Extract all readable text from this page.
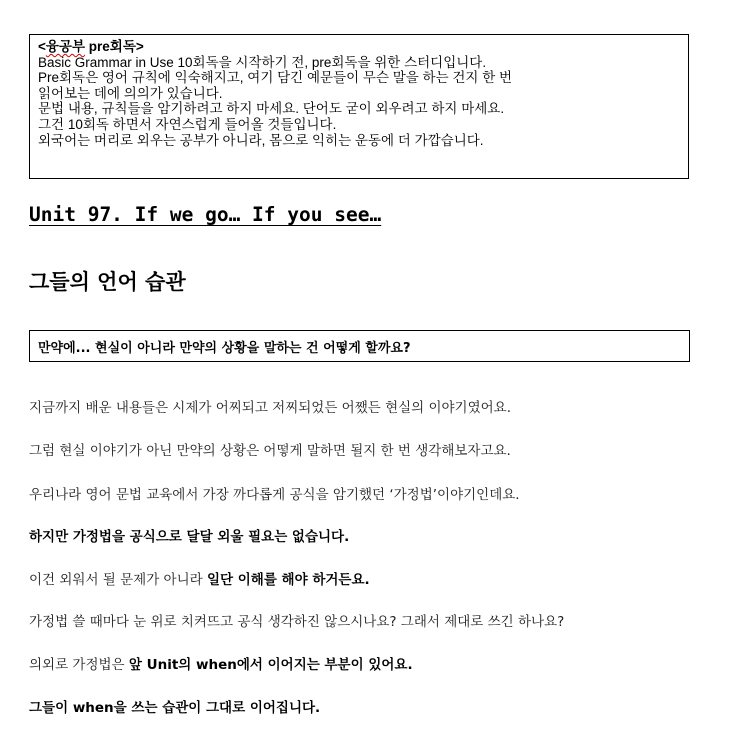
<융공부 pre회독>
Basic Grammar in Use 10회독을 시작하기 전, pre회독을 위한 스터디입니다.
Pre회독은 영어 규칙에 익숙해지고, 여기 담긴 예문들이 무슨 말을 하는 건지 한 번
읽어보는 데에 의의가 있습니다.
문법 내용, 규칙들을 암기하려고 하지 마세요. 단어도 굳이 외우려고 하지 마세요.
그건 10회독 하면서 자연스럽게 들어올 것들입니다.
외국어는 머리로 외우는 공부가 아니라, 몸으로 익히는 운동에 더 가깝습니다.
Unit 97. If we go… If you see…
그들의 언어 습관
만약에... 현실이 아니라 만약의 상황을 말하는 건 어떻게 할까요?

지금까지 배운 내용들은 시제가 어찌되고 저찌되었든 어쨌든 현실의 이야기였어요.

그럼 현실 이야기가 아닌 만약의 상황은 어떻게 말하면 될지 한 번 생각해보자고요.

우리나라 영어 문법 교육에서 가장 까다롭게 공식을 암기했던 ‘가정법’이야기인데요.

하지만 가정법을 공식으로 달달 외울 필요는 없습니다.

이건 외워서 될 문제가 아니라 일단 이해를 해야 하거든요.

가정법 쓸 때마다 눈 위로 치켜뜨고 공식 생각하진 않으시나요? 그래서 제대로 쓰긴 하나요?

의외로 가정법은 앞 Unit의 when에서 이어지는 부분이 있어요.

그들이 when을 쓰는 습관이 그대로 이어집니다.
